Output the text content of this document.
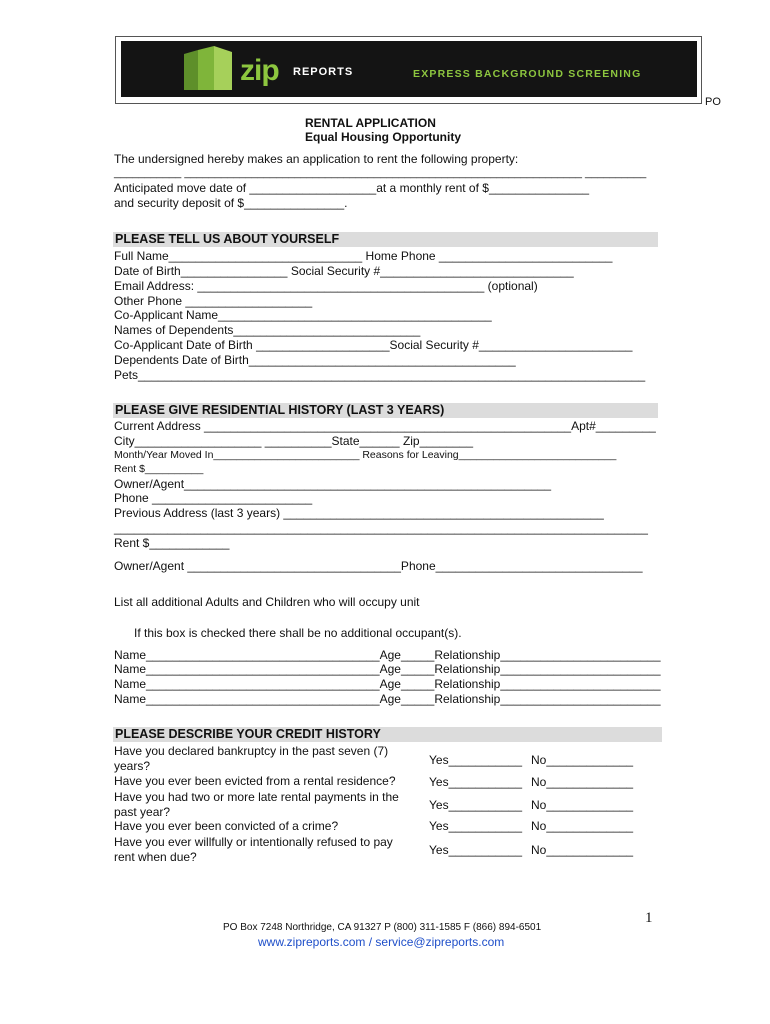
zip REPORTS	EXPRESS BACKGROUND SCREENING
PO
RENTAL APPLICATION
Equal Housing Opportunity
The undersigned hereby makes an application to rent the following property:
___________ _________________________________________________________________ __________
Anticipated move date of ___________________at a monthly rent of $_______________
and security deposit of $_______________.
PLEASE TELL US ABOUT YOURSELF
Full Name_____________________________ Home Phone __________________________
Date of Birth________________ Social Security #_____________________________
Email Address: ___________________________________________ (optional)
Other Phone ___________________
Co-Applicant Name_________________________________________
Names of Dependents____________________________
Co-Applicant Date of Birth ____________________Social Security #_______________________
Dependents Date of Birth________________________________________
Pets____________________________________________________________________________
PLEASE GIVE RESIDENTIAL HISTORY (LAST 3 YEARS)
Current Address _______________________________________________________Apt#_________
City___________________ __________State______ Zip________
Month/Year Moved In_________________________ Reasons for Leaving___________________________
Rent $__________
Owner/Agent_______________________________________________________
Phone ________________________
Previous Address (last 3 years) ________________________________________________
________________________________________________________________________________
Rent $____________
Owner/Agent ________________________________Phone_______________________________
List all additional Adults and Children who will occupy unit
If this box is checked there shall be no additional occupant(s).
Name___________________________________Age_____Relationship________________________
Name___________________________________Age_____Relationship________________________
Name___________________________________Age_____Relationship________________________
Name___________________________________Age_____Relationship________________________
PLEASE DESCRIBE YOUR CREDIT HISTORY
Have you declared bankruptcy in the past seven (7)
years?	Yes___________ No_____________
Have you ever been evicted from a rental residence?	Yes___________ No_____________
Have you had two or more late rental payments in the
past year?	Yes___________ No_____________
Have you ever been convicted of a crime?	Yes___________ No_____________
Have you ever willfully or intentionally refused to pay
rent when due?	Yes___________ No_____________
1
PO Box 7248 Northridge, CA 91327 P (800) 311-1585 F (866) 894-6501
www.zipreports.com / service@zipreports.com
